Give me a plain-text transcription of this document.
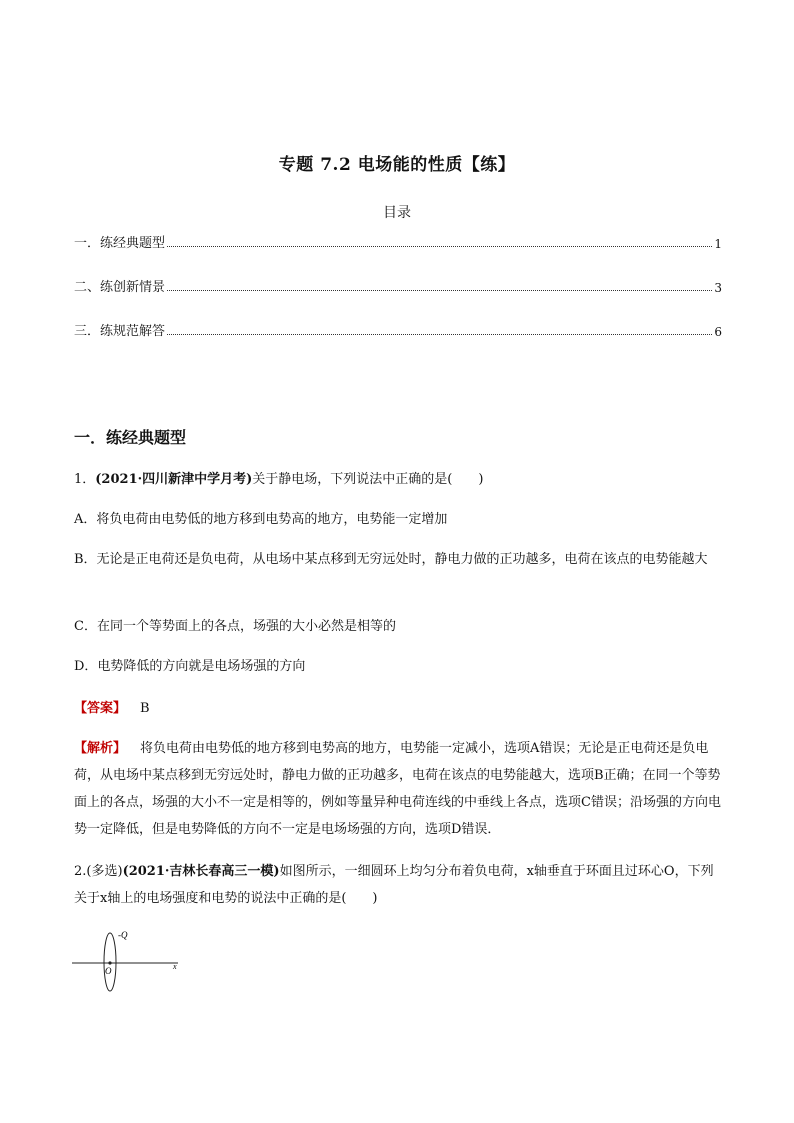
专题 7.2 电场能的性质【练】
目录
一．练经典题型	1
二、练创新情景	3
三．练规范解答	6
一．练经典题型
1．(2021·四川新津中学月考)关于静电场，下列说法中正确的是(　　)
A．将负电荷由电势低的地方移到电势高的地方，电势能一定增加
B．无论是正电荷还是负电荷，从电场中某点移到无穷远处时，静电力做的正功越多，电荷在该点的电势能越大
C．在同一个等势面上的各点，场强的大小必然是相等的
D．电势降低的方向就是电场场强的方向
【答案】 B
【解析】 将负电荷由电势低的地方移到电势高的地方，电势能一定减小，选项A错误；无论是正电荷还是负电荷，从电场中某点移到无穷远处时，静电力做的正功越多，电荷在该点的电势能越大，选项B正确；在同一个等势面上的各点，场强的大小不一定是相等的，例如等量异种电荷连线的中垂线上各点，选项C错误；沿场强的方向电势一定降低，但是电势降低的方向不一定是电场场强的方向，选项D错误．
2.(多选)(2021·吉林长春高三一模)如图所示，一细圆环上均匀分布着负电荷，x轴垂直于环面且过环心O，下列关于x轴上的电场强度和电势的说法中正确的是(　　)
-Q
O	x
